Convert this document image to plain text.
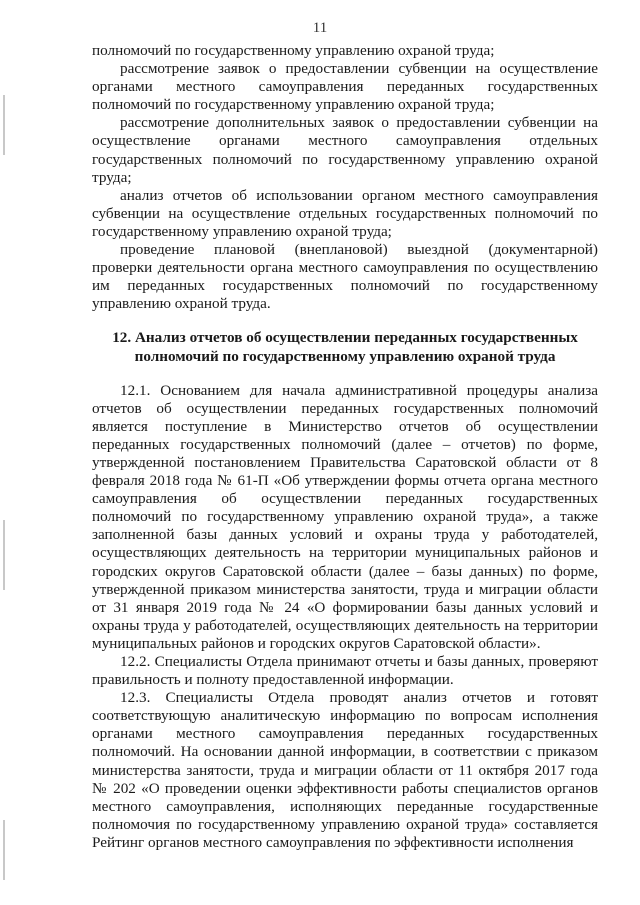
11

полномочий по государственному управлению охраной труда;

рассмотрение заявок о предоставлении субвенции на осуществление органами местного самоуправления переданных государственных полномочий по государственному управлению охраной труда;

рассмотрение дополнительных заявок о предоставлении субвенции на осуществление органами местного самоуправления отдельных государственных полномочий по государственному управлению охраной труда;

анализ отчетов об использовании органом местного самоуправления субвенции на осуществление отдельных государственных полномочий по государственному управлению охраной труда;

проведение плановой (внеплановой) выездной (документарной) проверки деятельности органа местного самоуправления по осуществлению им переданных государственных полномочий по государственному управлению охраной труда.

12. Анализ отчетов об осуществлении переданных государственных полномочий по государственному управлению охраной труда

12.1. Основанием для начала административной процедуры анализа отчетов об осуществлении переданных государственных полномочий является поступление в Министерство отчетов об осуществлении переданных государственных полномочий (далее – отчетов) по форме, утвержденной постановлением Правительства Саратовской области от 8 февраля 2018 года № 61-П «Об утверждении формы отчета органа местного самоуправления об осуществлении переданных государственных полномочий по государственному управлению охраной труда», а также заполненной базы данных условий и охраны труда у работодателей, осуществляющих деятельность на территории муниципальных районов и городских округов Саратовской области (далее – базы данных) по форме, утвержденной приказом министерства занятости, труда и миграции области от 31 января 2019 года № 24 «О формировании базы данных условий и охраны труда у работодателей, осуществляющих деятельность на территории муниципальных районов и городских округов Саратовской области».

12.2. Специалисты Отдела принимают отчеты и базы данных, проверяют правильность и полноту предоставленной информации.

12.3. Специалисты Отдела проводят анализ отчетов и готовят соответствующую аналитическую информацию по вопросам исполнения органами местного самоуправления переданных государственных полномочий. На основании данной информации, в соответствии с приказом министерства занятости, труда и миграции области от 11 октября 2017 года № 202 «О проведении оценки эффективности работы специалистов органов местного самоуправления, исполняющих переданные государственные полномочия по государственному управлению охраной труда» составляется Рейтинг органов местного самоуправления по эффективности исполнения
